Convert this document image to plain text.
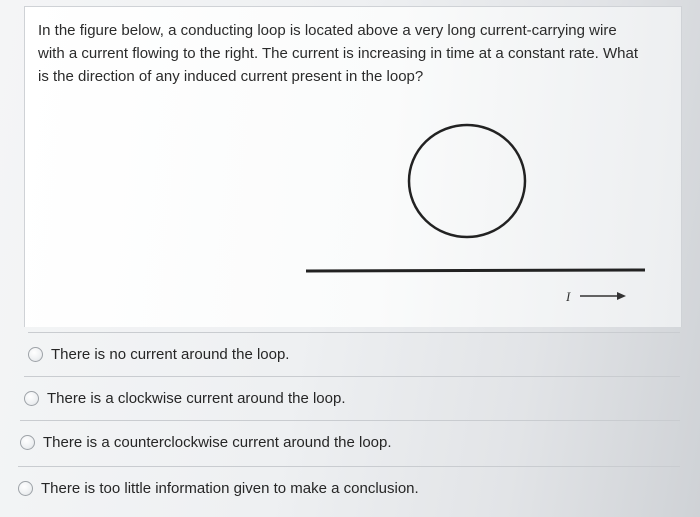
In the figure below, a conducting loop is located above a very long current-carrying wire with a current flowing to the right. The current is increasing in time at a constant rate. What is the direction of any induced current present in the loop?

I
There is no current around the loop.
There is a clockwise current around the loop.
There is a counterclockwise current around the loop.
There is too little information given to make a conclusion.
